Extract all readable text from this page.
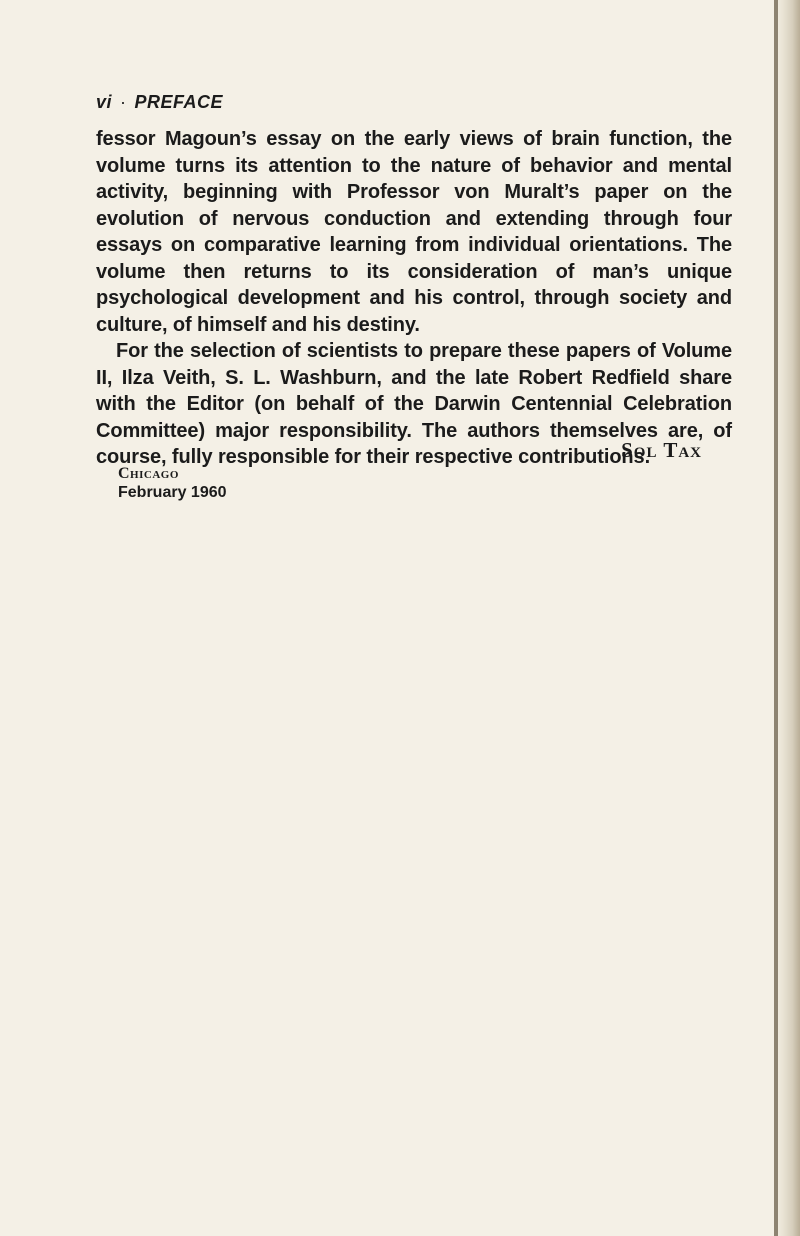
vi · PREFACE

fessor Magoun’s essay on the early views of brain function, the volume turns its attention to the nature of behavior and mental activity, beginning with Professor von Muralt’s paper on the evolution of nervous conduction and extending through four essays on comparative learning from individual orientations. The volume then returns to its consideration of man’s unique psychological development and his control, through society and culture, of himself and his destiny.

For the selection of scientists to prepare these papers of Volume II, Ilza Veith, S. L. Washburn, and the late Robert Redfield share with the Editor (on behalf of the Darwin Centennial Celebration Committee) major responsibility. The authors themselves are, of course, fully responsible for their respective contributions.

Sol Tax
Chicago
February 1960
